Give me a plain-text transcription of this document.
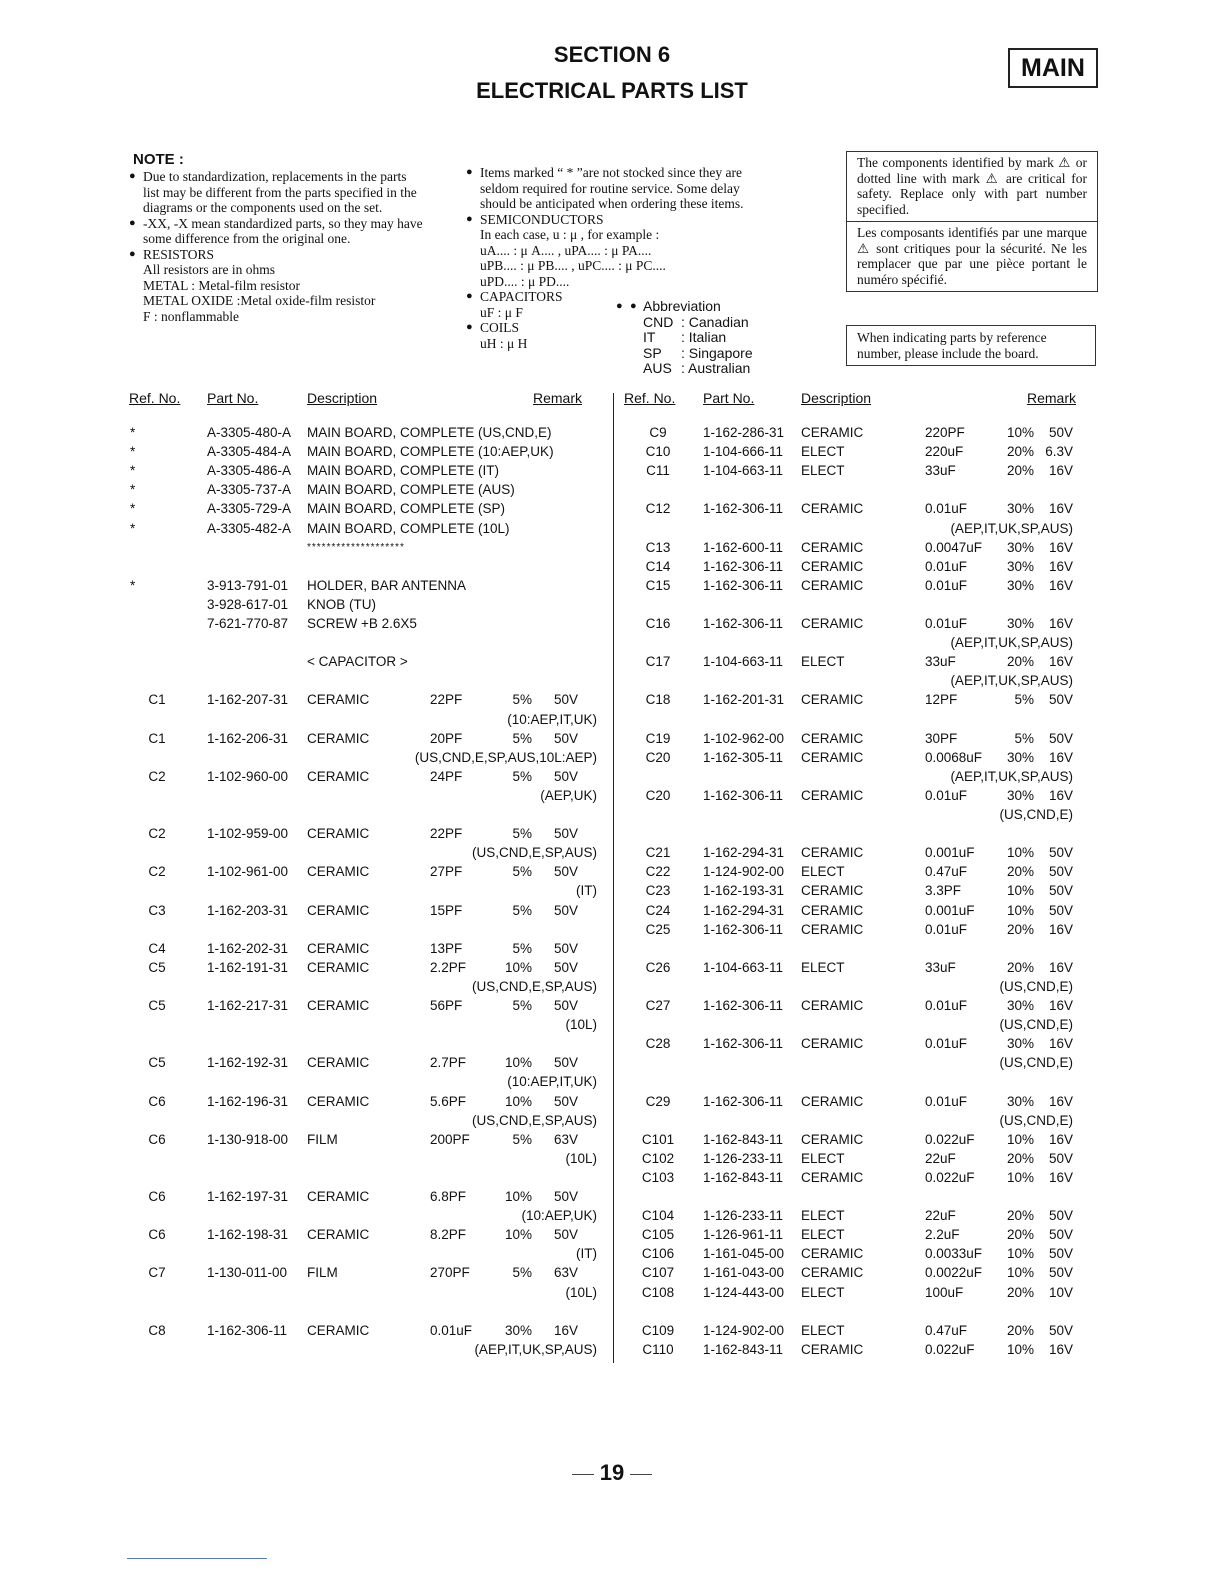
SECTION 6
ELECTRICAL PARTS LIST
MAIN
NOTE :
● Due to standardization, replacements in the parts list may be different from the parts specified in the diagrams or the components used on the set.
● -XX, -X mean standardized parts, so they may have some difference from the original one.
● RESISTORS
All resistors are in ohms
METAL : Metal-film resistor
METAL OXIDE :Metal oxide-film resistor
F : nonflammable
● Items marked “ * ”are not stocked since they are seldom required for routine service. Some delay should be anticipated when ordering these items.
● SEMICONDUCTORS
In each case, u : μ , for example :
uA.... : μ A.... , uPA.... : μ PA....
uPB.... : μ PB.... , uPC.... : μ PC....
uPD.... : μ PD....
● CAPACITORS
uF : μ F
● COILS
uH : μ H
● ● Abbreviation
CND : Canadian
IT : Italian
SP : Singapore
AUS : Australian
The components identified by mark ⚠ or dotted line with mark ⚠ are critical for safety. Replace only with part number specified.
Les composants identifiés par une marque ⚠ sont critiques pour la sécurité. Ne les remplacer que par une pièce portant le numéro spécifié.
When indicating parts by reference number, please include the board.
Ref. No. Part No.	Description	Remark	Ref. No. Part No.	Description	Remark
*	A-3305-480-A MAIN BOARD, COMPLETE (US,CND,E)
*	A-3305-484-A MAIN BOARD, COMPLETE (10:AEP,UK)
*	A-3305-486-A MAIN BOARD, COMPLETE (IT)
*	A-3305-737-A MAIN BOARD, COMPLETE (AUS)
*	A-3305-729-A MAIN BOARD, COMPLETE (SP)
*	A-3305-482-A MAIN BOARD, COMPLETE (10L)
********************
*	3-913-791-01 HOLDER, BAR ANTENNA
3-928-617-01 KNOB (TU)
7-621-770-87 SCREW +B 2.6X5
< CAPACITOR >
C1	1-162-207-31 CERAMIC	22PF	5% 50V
(10:AEP,IT,UK)
C1	1-162-206-31 CERAMIC	20PF	5% 50V
(US,CND,E,SP,AUS,10L:AEP)
C2	1-102-960-00 CERAMIC	24PF	5% 50V
(AEP,UK)
C2	1-102-959-00 CERAMIC	22PF	5% 50V
(US,CND,E,SP,AUS)
C2	1-102-961-00 CERAMIC	27PF	5% 50V
(IT)
C3	1-162-203-31 CERAMIC	15PF	5% 50V
C4	1-162-202-31 CERAMIC	13PF	5% 50V
C5	1-162-191-31 CERAMIC	2.2PF	10% 50V
(US,CND,E,SP,AUS)
C5	1-162-217-31 CERAMIC	56PF	5% 50V
(10L)
C5	1-162-192-31 CERAMIC	2.7PF	10% 50V
(10:AEP,IT,UK)
C6	1-162-196-31 CERAMIC	5.6PF	10% 50V
(US,CND,E,SP,AUS)
C6	1-130-918-00 FILM	200PF	5% 63V
(10L)
C6	1-162-197-31 CERAMIC	6.8PF	10% 50V
(10:AEP,UK)
C6	1-162-198-31 CERAMIC	8.2PF	10% 50V
(IT)
C7	1-130-011-00 FILM	270PF	5% 63V
(10L)
C8	1-162-306-11 CERAMIC	0.01uF 30% 16V
(AEP,IT,UK,SP,AUS)
C9	1-162-286-31 CERAMIC	220PF	10% 50V
C10	1-104-666-11 ELECT	220uF	20% 6.3V
C11	1-104-663-11 ELECT	33uF	20% 16V
C12	1-162-306-11 CERAMIC	0.01uF	30% 16V
(AEP,IT,UK,SP,AUS)
C13	1-162-600-11 CERAMIC	0.0047uF 30% 16V
C14	1-162-306-11 CERAMIC	0.01uF	30% 16V
C15	1-162-306-11 CERAMIC	0.01uF	30% 16V
C16	1-162-306-11 CERAMIC	0.01uF	30% 16V
(AEP,IT,UK,SP,AUS)
C17	1-104-663-11 ELECT	33uF	20% 16V
(AEP,IT,UK,SP,AUS)
C18	1-162-201-31 CERAMIC	12PF	5% 50V
C19	1-102-962-00 CERAMIC	30PF	5% 50V
C20	1-162-305-11 CERAMIC	0.0068uF 30% 16V
(AEP,IT,UK,SP,AUS)
C20	1-162-306-11 CERAMIC	0.01uF	30% 16V
(US,CND,E)
C21	1-162-294-31 CERAMIC	0.001uF 10% 50V
C22	1-124-902-00 ELECT	0.47uF	20% 50V
C23	1-162-193-31 CERAMIC	3.3PF	10% 50V
C24	1-162-294-31 CERAMIC	0.001uF 10% 50V
C25	1-162-306-11 CERAMIC	0.01uF	20% 16V
C26	1-104-663-11 ELECT	33uF	20% 16V
(US,CND,E)
C27	1-162-306-11 CERAMIC	0.01uF	30% 16V
(US,CND,E)
C28	1-162-306-11 CERAMIC	0.01uF	30% 16V
(US,CND,E)
C29	1-162-306-11 CERAMIC	0.01uF	30% 16V
(US,CND,E)
C101 1-162-843-11 CERAMIC	0.022uF 10% 16V
C102 1-126-233-11 ELECT	22uF	20% 50V
C103 1-162-843-11 CERAMIC	0.022uF 10% 16V
C104 1-126-233-11 ELECT	22uF	20% 50V
C105 1-126-961-11 ELECT	2.2uF	20% 50V
C106 1-161-045-00 CERAMIC	0.0033uF 10% 50V
C107 1-161-043-00 CERAMIC	0.0022uF 10% 50V
C108 1-124-443-00 ELECT	100uF	20% 10V
C109 1-124-902-00 ELECT	0.47uF	20% 50V
C110	1-162-843-11 CERAMIC	0.022uF 10% 16V
19
